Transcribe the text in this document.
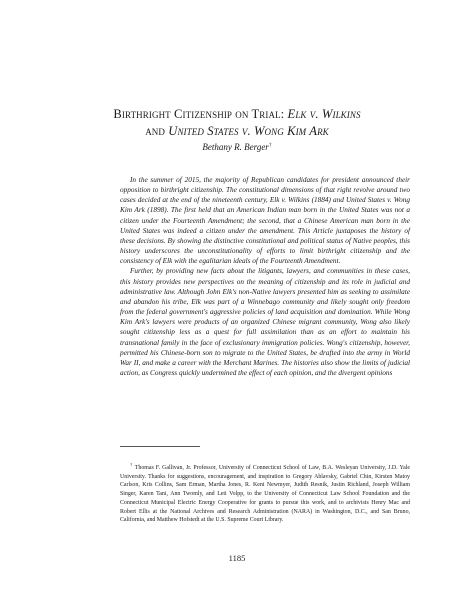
Birthright Citizenship on Trial: Elk v. Wilkins
and United States v. Wong Kim Ark
Bethany R. Berger†

In the summer of 2015, the majority of Republican candidates for president announced their opposition to birthright citizenship. The constitutional dimensions of that right revolve around two cases decided at the end of the nineteenth century, Elk v. Wilkins (1884) and United States v. Wong Kim Ark (1898). The first held that an American Indian man born in the United States was not a citizen under the Fourteenth Amendment; the second, that a Chinese American man born in the United States was indeed a citizen under the amendment. This Article juxtaposes the history of these decisions. By showing the distinctive constitutional and political status of Native peoples, this history underscores the unconstitutionality of efforts to limit birthright citizenship and the consistency of Elk with the egalitarian ideals of the Fourteenth Amendment.

Further, by providing new facts about the litigants, lawyers, and communities in these cases, this history provides new perspectives on the meaning of citizenship and its role in judicial and administrative law. Although John Elk's non-Native lawyers presented him as seeking to assimilate and abandon his tribe, Elk was part of a Winnebago community and likely sought only freedom from the federal government's aggressive policies of land acquisition and domination. While Wong Kim Ark's lawyers were products of an organized Chinese migrant community, Wong also likely sought citizenship less as a quest for full assimilation than as an effort to maintain his transnational family in the face of exclusionary immigration policies. Wong's citizenship, however, permitted his Chinese-born son to migrate to the United States, be drafted into the army in World War II, and make a career with the Merchant Marines. The histories also show the limits of judicial action, as Congress quickly undermined the effect of each opinion, and the divergent opinions

† Thomas F. Gallivan, Jr. Professor, University of Connecticut School of Law, B.A. Wesleyan University, J.D. Yale University. Thanks for suggestions, encouragement, and inspiration to Gregory Ablavsky, Gabriel Chin, Kirsten Matoy Carlson, Kris Collins, Sam Erman, Martha Jones, R. Kent Newmyer, Judith Resnik, Justin Richland, Joseph William Singer, Karen Tani, Ann Twomly, and Leti Volpp, to the University of Connecticut Law School Foundation and the Connecticut Municipal Electric Energy Cooperative for grants to pursue this work, and to archivists Henry Mac and Robert Ellis at the National Archives and Research Administration (NARA) in Washington, D.C., and San Bruno, California, and Matthew Hofstedt at the U.S. Supreme Court Library.

1185
